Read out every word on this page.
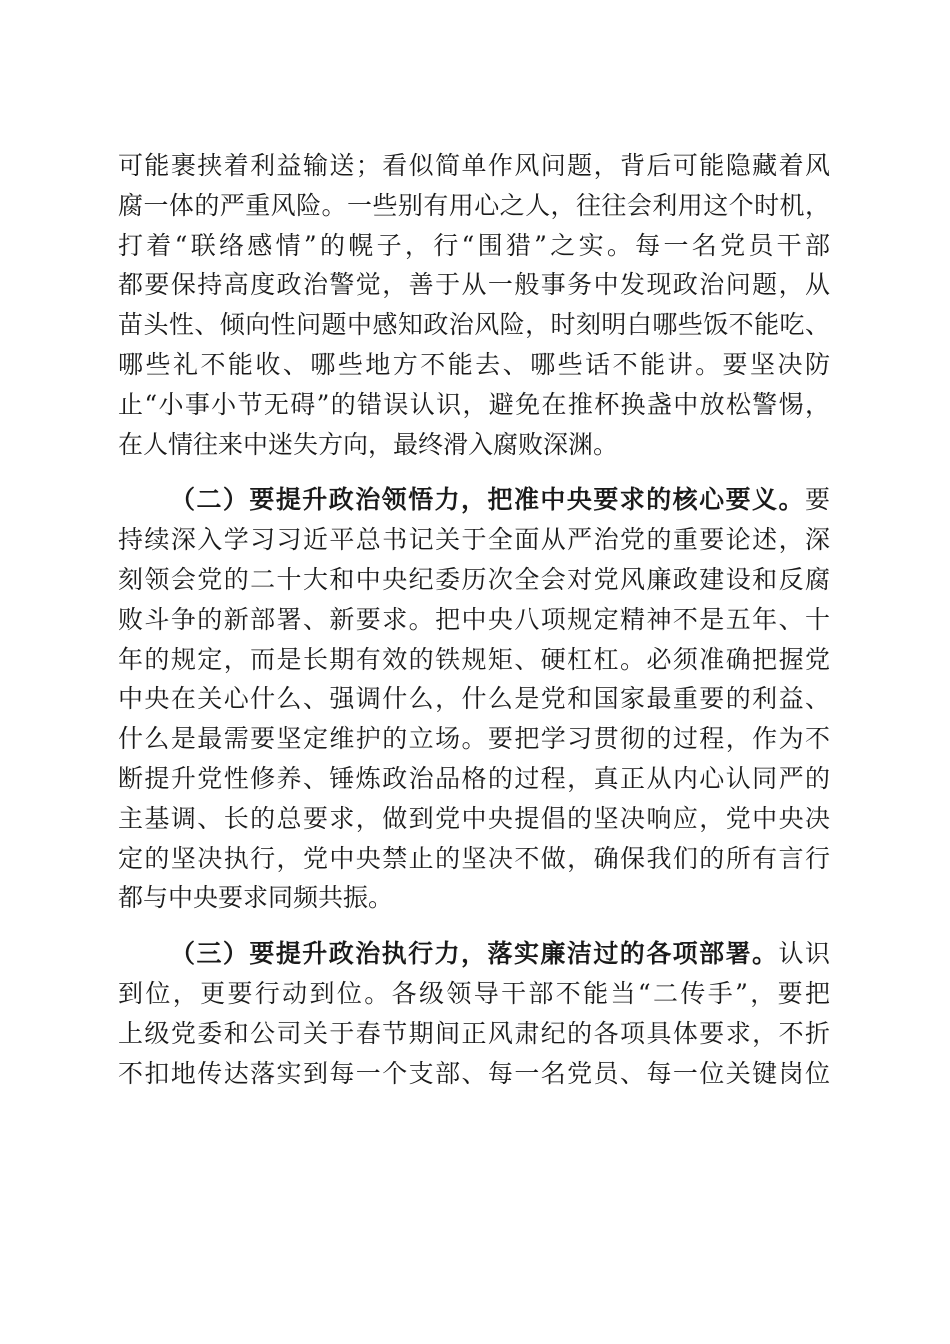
可能裹挟着利益输送；看似简单作风问题，背后可能隐藏着风
腐一体的严重风险。一些别有用心之人，往往会利用这个时机，
打着“联络感情”的幌子，行“围猎”之实。每一名党员干部
都要保持高度政治警觉，善于从一般事务中发现政治问题，从
苗头性、倾向性问题中感知政治风险，时刻明白哪些饭不能吃、
哪些礼不能收、哪些地方不能去、哪些话不能讲。要坚决防
止“小事小节无碍”的错误认识，避免在推杯换盏中放松警惕，
在人情往来中迷失方向，最终滑入腐败深渊。
（二）要提升政治领悟力，把准中央要求的核心要义。要
持续深入学习习近平总书记关于全面从严治党的重要论述，深
刻领会党的二十大和中央纪委历次全会对党风廉政建设和反腐
败斗争的新部署、新要求。把中央八项规定精神不是五年、十
年的规定，而是长期有效的铁规矩、硬杠杠。必须准确把握党
中央在关心什么、强调什么，什么是党和国家最重要的利益、
什么是最需要坚定维护的立场。要把学习贯彻的过程，作为不
断提升党性修养、锤炼政治品格的过程，真正从内心认同严的
主基调、长的总要求，做到党中央提倡的坚决响应，党中央决
定的坚决执行，党中央禁止的坚决不做，确保我们的所有言行
都与中央要求同频共振。
（三）要提升政治执行力，落实廉洁过的各项部署。认识
到位，更要行动到位。各级领导干部不能当“二传手”，要把
上级党委和公司关于春节期间正风肃纪的各项具体要求，不折
不扣地传达落实到每一个支部、每一名党员、每一位关键岗位
